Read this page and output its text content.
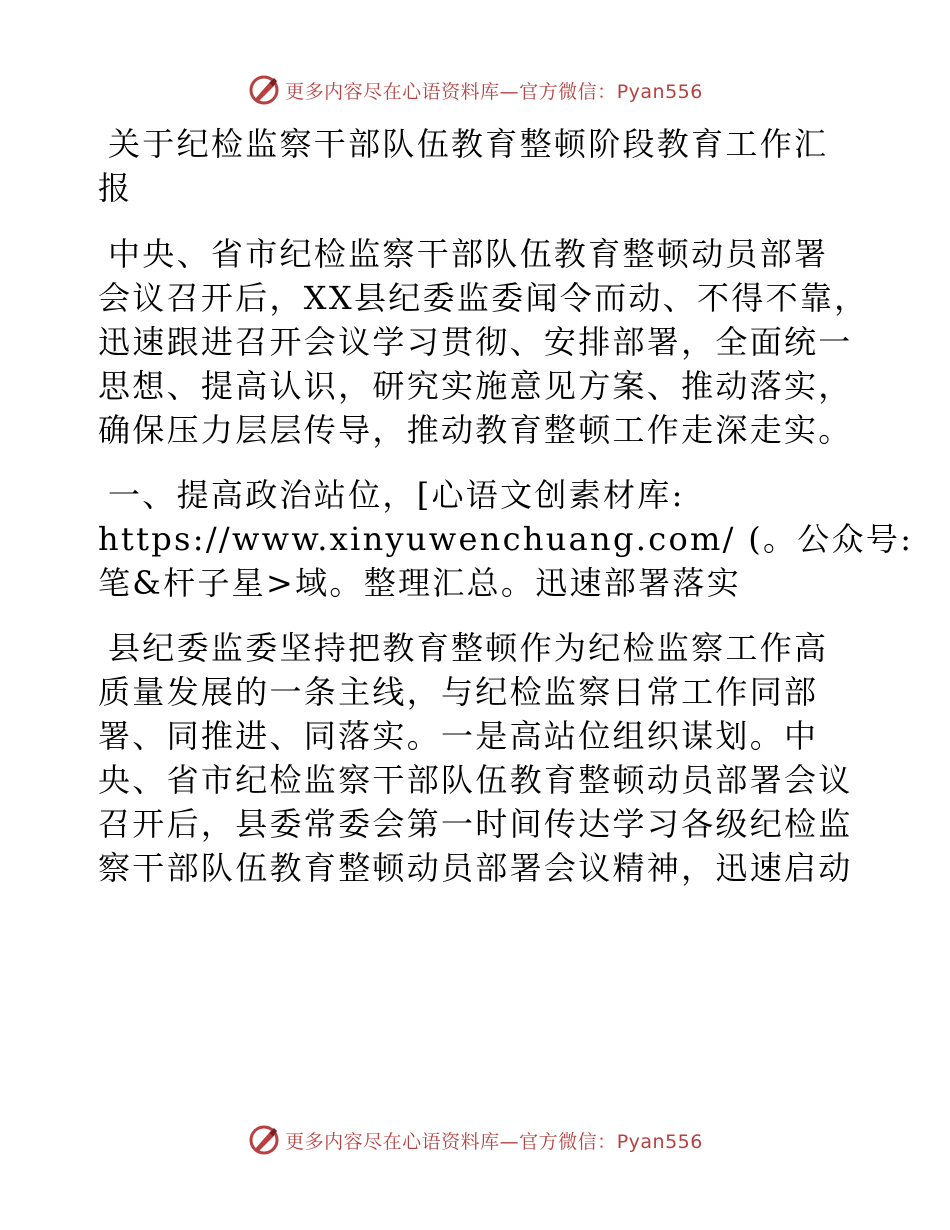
更多内容尽在心语资料库—官方微信：Pyan556
关于纪检监察干部队伍教育整顿阶段教育工作汇
报
中央、省市纪检监察干部队伍教育整顿动员部署
会议召开后，XX县纪委监委闻令而动、不得不靠，
迅速跟进召开会议学习贯彻、安排部署，全面统一
思想、提高认识，研究实施意见方案、推动落实，
确保压力层层传导，推动教育整顿工作走深走实。
一、提高政治站位，[心语文创素材库:
https://www.xinyuwenchuang.com/ (。公众号:
笔&杆子星>域。整理汇总。迅速部署落实
县纪委监委坚持把教育整顿作为纪检监察工作高
质量发展的一条主线，与纪检监察日常工作同部
署、同推进、同落实。一是高站位组织谋划。中
央、省市纪检监察干部队伍教育整顿动员部署会议
召开后，县委常委会第一时间传达学习各级纪检监
察干部队伍教育整顿动员部署会议精神，迅速启动
更多内容尽在心语资料库—官方微信：Pyan556
